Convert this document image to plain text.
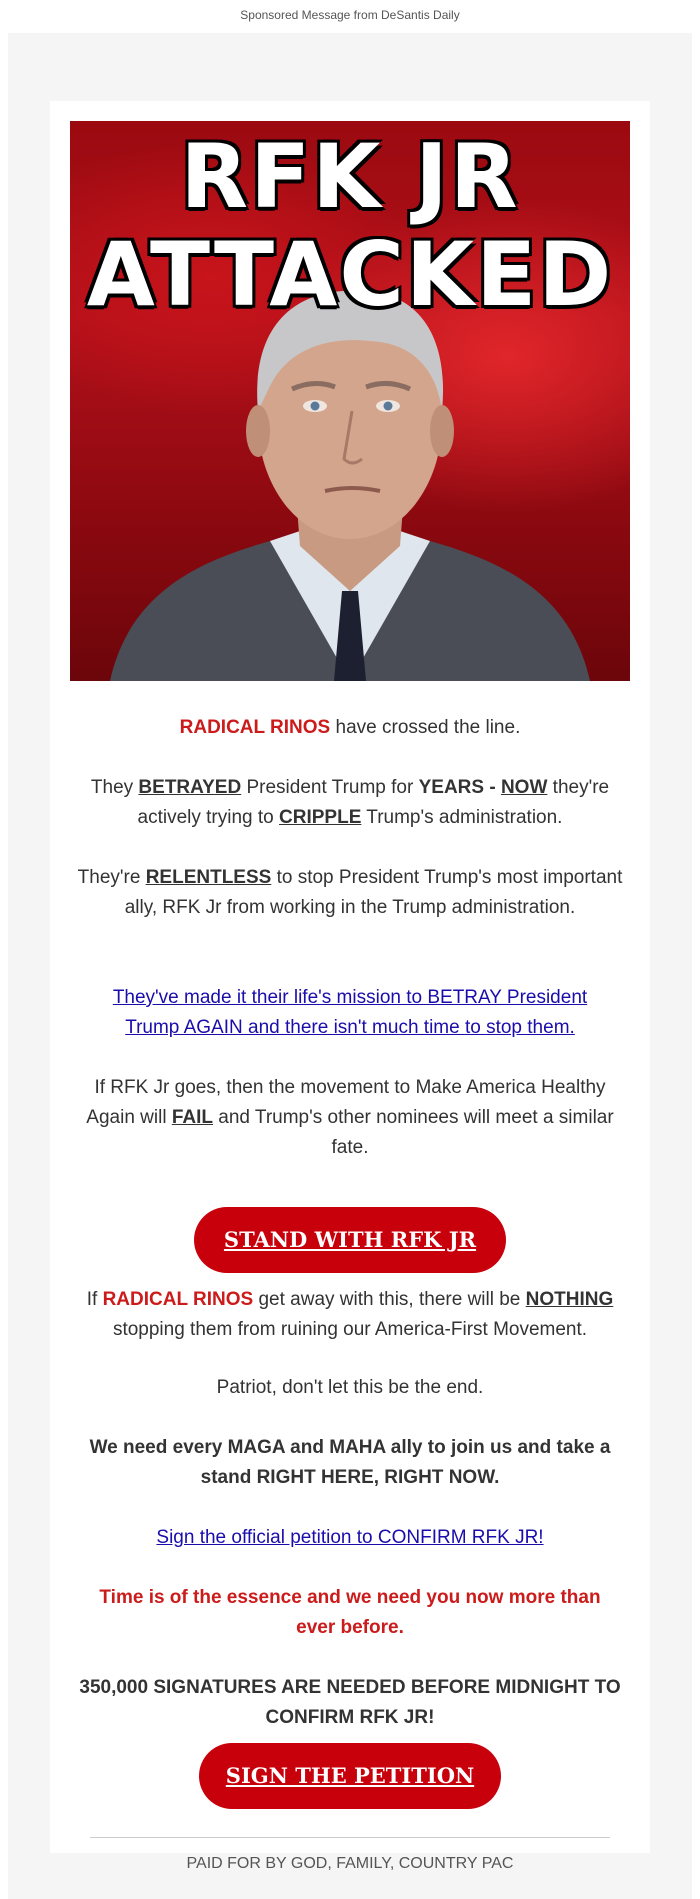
Sponsored Message from DeSantis Daily
RFK JR
ATTACKED

RADICAL RINOS have crossed the line.

They BETRAYED President Trump for YEARS - NOW they're actively trying to CRIPPLE Trump's administration.

They're RELENTLESS to stop President Trump's most important ally, RFK Jr from working in the Trump administration.

They've made it their life's mission to BETRAY President Trump AGAIN and there isn't much time to stop them.

If RFK Jr goes, then the movement to Make America Healthy Again will FAIL and Trump's other nominees will meet a similar fate.

STAND WITH RFK JR

If RADICAL RINOS get away with this, there will be NOTHING stopping them from ruining our America-First Movement.

Patriot, don't let this be the end.

We need every MAGA and MAHA ally to join us and take a stand RIGHT HERE, RIGHT NOW.

Sign the official petition to CONFIRM RFK JR!

Time is of the essence and we need you now more than ever before.

350,000 SIGNATURES ARE NEEDED BEFORE MIDNIGHT TO CONFIRM RFK JR!

SIGN THE PETITION
PAID FOR BY GOD, FAMILY, COUNTRY PAC
